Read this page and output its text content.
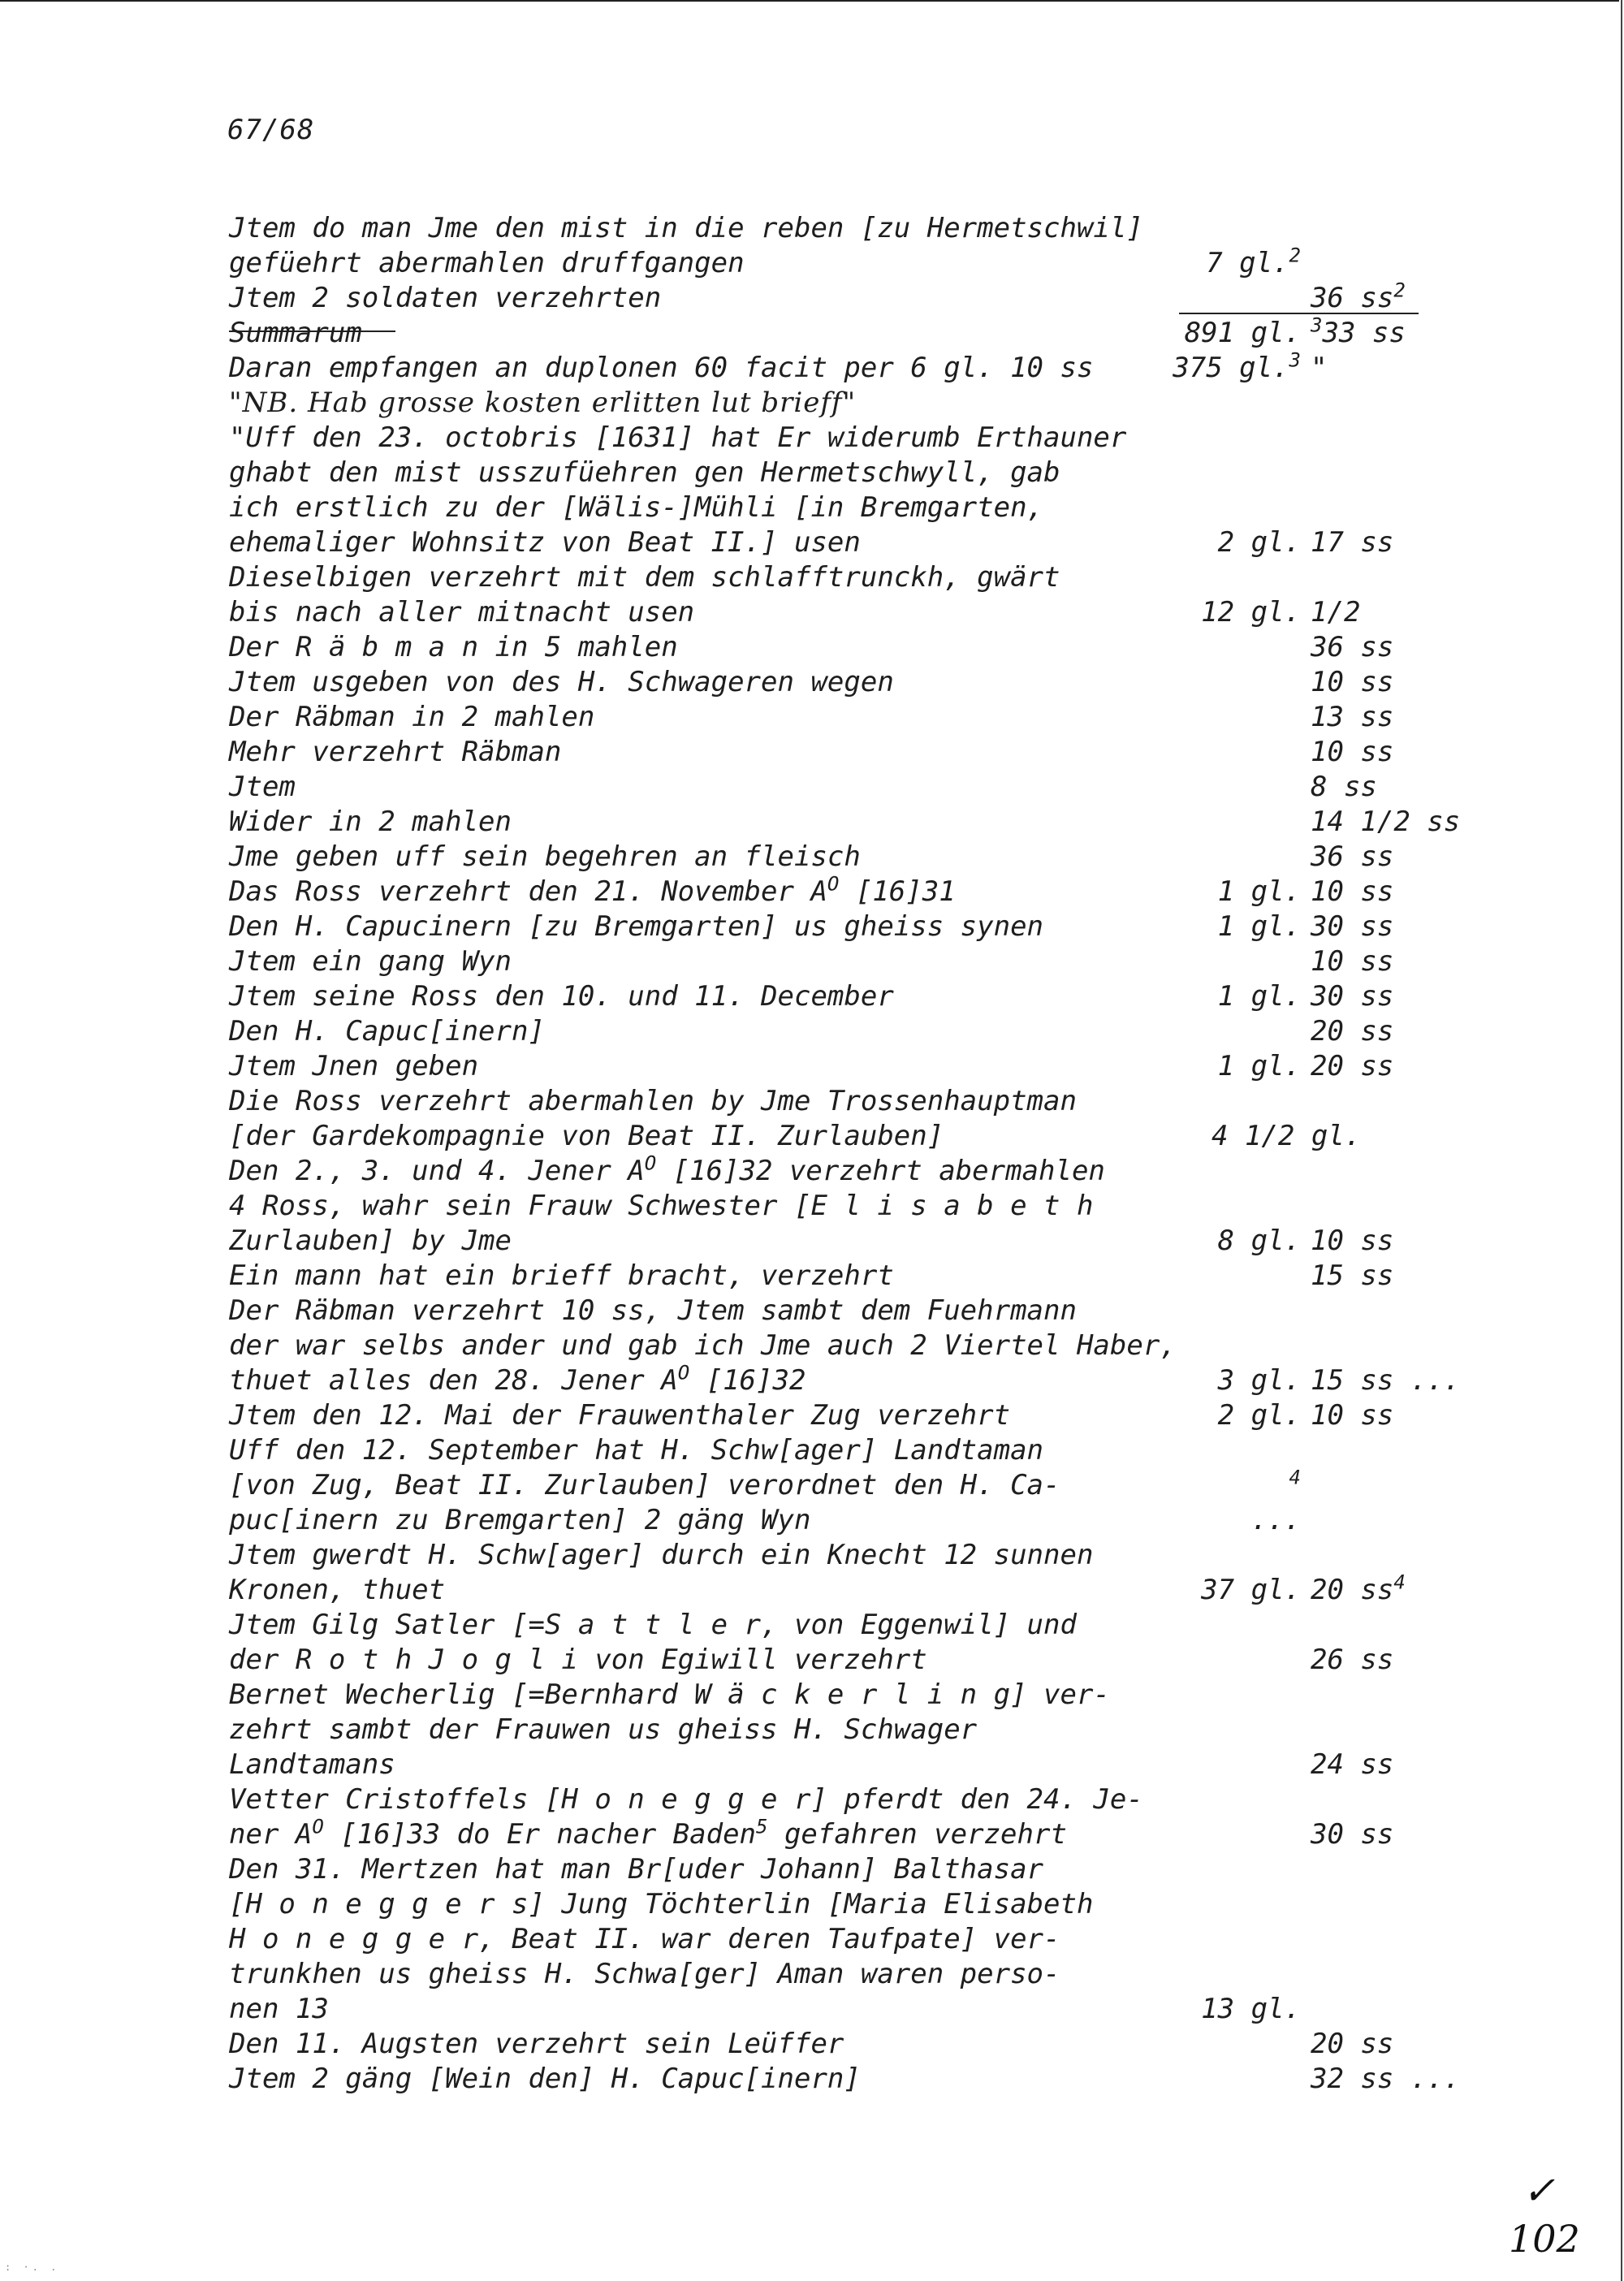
67/68
Jtem do man Jme den mist in die reben [zu Hermetschwil]
gefüehrt abermahlen druffgangen	7 gl.$^2$
Jtem 2 soldaten verzehrten	36 $ss^2$
Summarum	891 gl. $^3$33 ss
Daran empfangen an duplonen 60 facit per 6 gl. 10 ss	375 gl.$^3$ "
"NB. Hab grosse kosten erlitten lut brieff"
"Uff den 23. octobris [1631] hat Er widerumb Erthauner
ghabt den mist usszufüehren gen Hermetschwyll, gab
ich erstlich zu der [Wälis-]Mühli [in Bremgarten,
ehemaliger Wohnsitz von Beat II.] usen	2 gl. 17 ss
Dieselbigen verzehrt mit dem schlafftrunckh, gwärt
bis nach aller mitnacht usen	12 gl. 1/2
Der R ä b m a n in 5 mahlen	36 ss
Jtem usgeben von des H. Schwageren wegen	10 ss
Der Räbman in 2 mahlen	13 ss
Mehr verzehrt Räbman	10 ss
Jtem	8 ss
Wider in 2 mahlen	14 1/2 ss
Jme geben uff sein begehren an fleisch	36 ss
Das Ross verzehrt den 21. November $A^O$ [16]31	1 gl. 10 ss
Den H. Capucinern [zu Bremgarten] us gheiss synen	1 gl. 30 ss
Jtem ein gang Wyn	10 ss
Jtem seine Ross den 10. und 11. December	1 gl. 30 ss
Den H. Capuc[inern]	20 ss
Jtem Jnen geben	1 gl. 20 ss
Die Ross verzehrt abermahlen by Jme Trossenhauptman
[der Gardekompagnie von Beat II. Zurlauben]	4 1/2 gl.
Den 2., 3. und 4. Jener $A^O$ [16]32 verzehrt abermahlen
4 Ross, wahr sein Frauw Schwester [E l i s a b e t h
Zurlauben] by Jme	8 gl. 10 ss
Ein mann hat ein brieff bracht, verzehrt	15 ss
Der Räbman verzehrt 10 ss, Jtem sambt dem Fuehrmann
der war selbs ander und gab ich Jme auch 2 Viertel Haber,
thuet alles den 28. Jener $A^O$ [16]32	3 gl. 15 ss ...
Jtem den 12. Mai der Frauwenthaler Zug verzehrt	2 gl. 10 ss
Uff den 12. September hat H. Schw[ager] Landtaman
[von Zug, Beat II. Zurlauben] verordnet den H. Ca-	$^4$
puc[inern zu Bremgarten] 2 gäng Wyn	...
Jtem gwerdt H. Schw[ager] durch ein Knecht 12 sunnen
Kronen, thuet	37 gl. 20 $ss^4$
Jtem Gilg Satler [=S a t t l e r, von Eggenwil] und
der R o t h J o g l i von Egiwill verzehrt	26 ss
Bernet Wecherlig [=Bernhard W ä c k e r l i n g] ver-
zehrt sambt der Frauwen us gheiss H. Schwager
Landtamans	24 ss
Vetter Cristoffels [H o n e g g e r] pferdt den 24. Je-
ner $A^O$ [16]33 do Er nacher Baden$^5$ gefahren verzehrt	30 ss
Den 31. Mertzen hat man Br[uder Johann] Balthasar
[H o n e g g e r s] Jung Töchterlin [Maria Elisabeth
H o n e g g e r, Beat II. war deren Taufpate] ver-
trunkhen us gheiss H. Schwa[ger] Aman waren perso-
nen 13	13 gl.
Den 11. Augsten verzehrt sein Leüffer	20 ss
Jtem 2 gäng [Wein den] H. Capuc[inern]	32 ss ...
✓
102
: ·. .
